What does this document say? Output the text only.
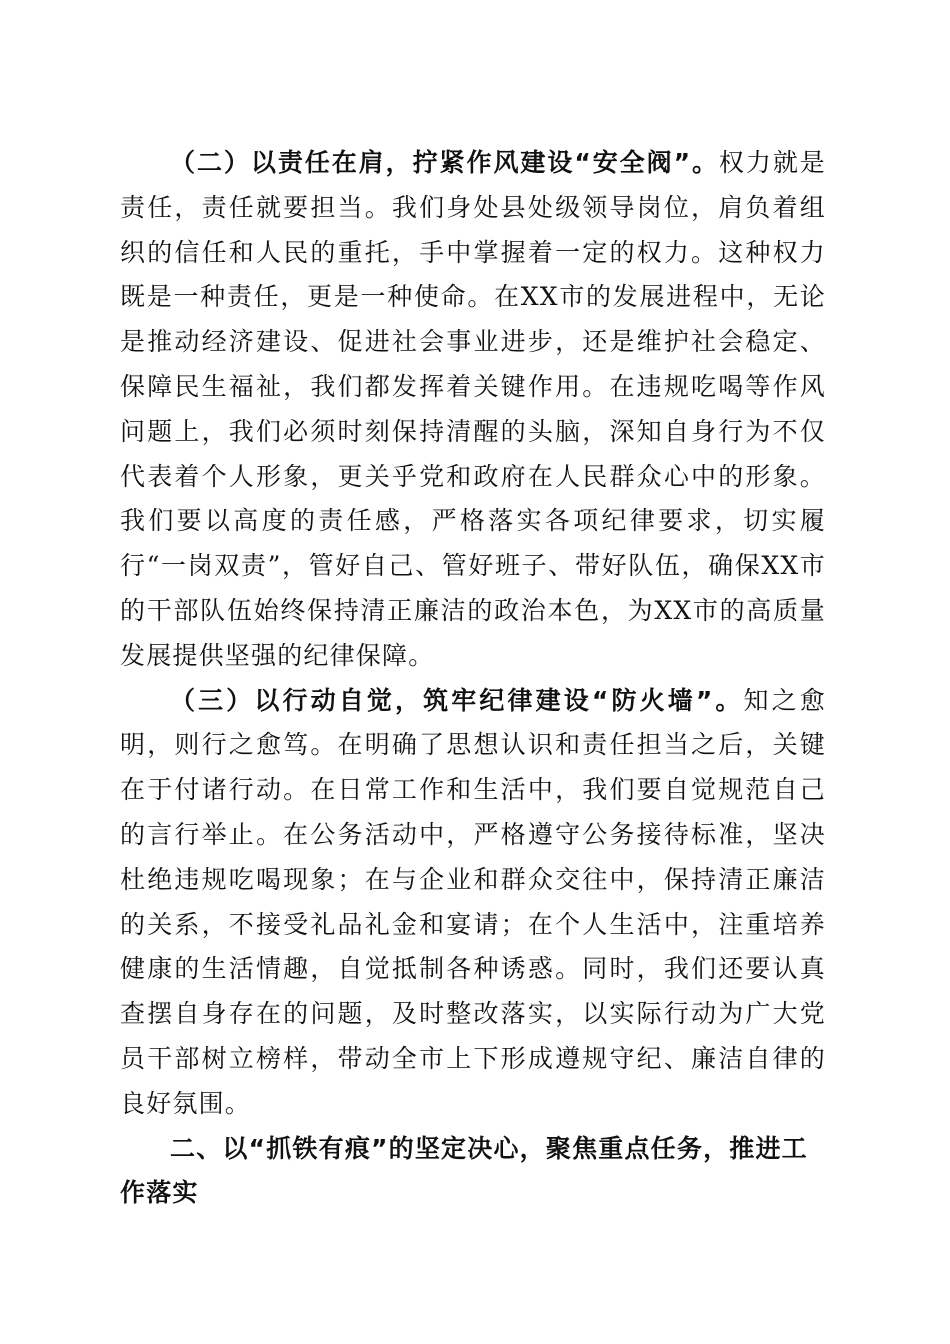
（二）以责任在肩，拧紧作风建设“安全阀”。权力就是责任，责任就要担当。我们身处县处级领导岗位，肩负着组织的信任和人民的重托，手中掌握着一定的权力。这种权力既是一种责任，更是一种使命。在XX市的发展进程中，无论是推动经济建设、促进社会事业进步，还是维护社会稳定、保障民生福祉，我们都发挥着关键作用。在违规吃喝等作风问题上，我们必须时刻保持清醒的头脑，深知自身行为不仅代表着个人形象，更关乎党和政府在人民群众心中的形象。我们要以高度的责任感，严格落实各项纪律要求，切实履行“一岗双责”，管好自己、管好班子、带好队伍，确保XX市的干部队伍始终保持清正廉洁的政治本色，为XX市的高质量发展提供坚强的纪律保障。

（三）以行动自觉，筑牢纪律建设“防火墙”。知之愈明，则行之愈笃。在明确了思想认识和责任担当之后，关键在于付诸行动。在日常工作和生活中，我们要自觉规范自己的言行举止。在公务活动中，严格遵守公务接待标准，坚决杜绝违规吃喝现象；在与企业和群众交往中，保持清正廉洁的关系，不接受礼品礼金和宴请；在个人生活中，注重培养健康的生活情趣，自觉抵制各种诱惑。同时，我们还要认真查摆自身存在的问题，及时整改落实，以实际行动为广大党员干部树立榜样，带动全市上下形成遵规守纪、廉洁自律的良好氛围。

二、以“抓铁有痕”的坚定决心，聚焦重点任务，推进工作落实
